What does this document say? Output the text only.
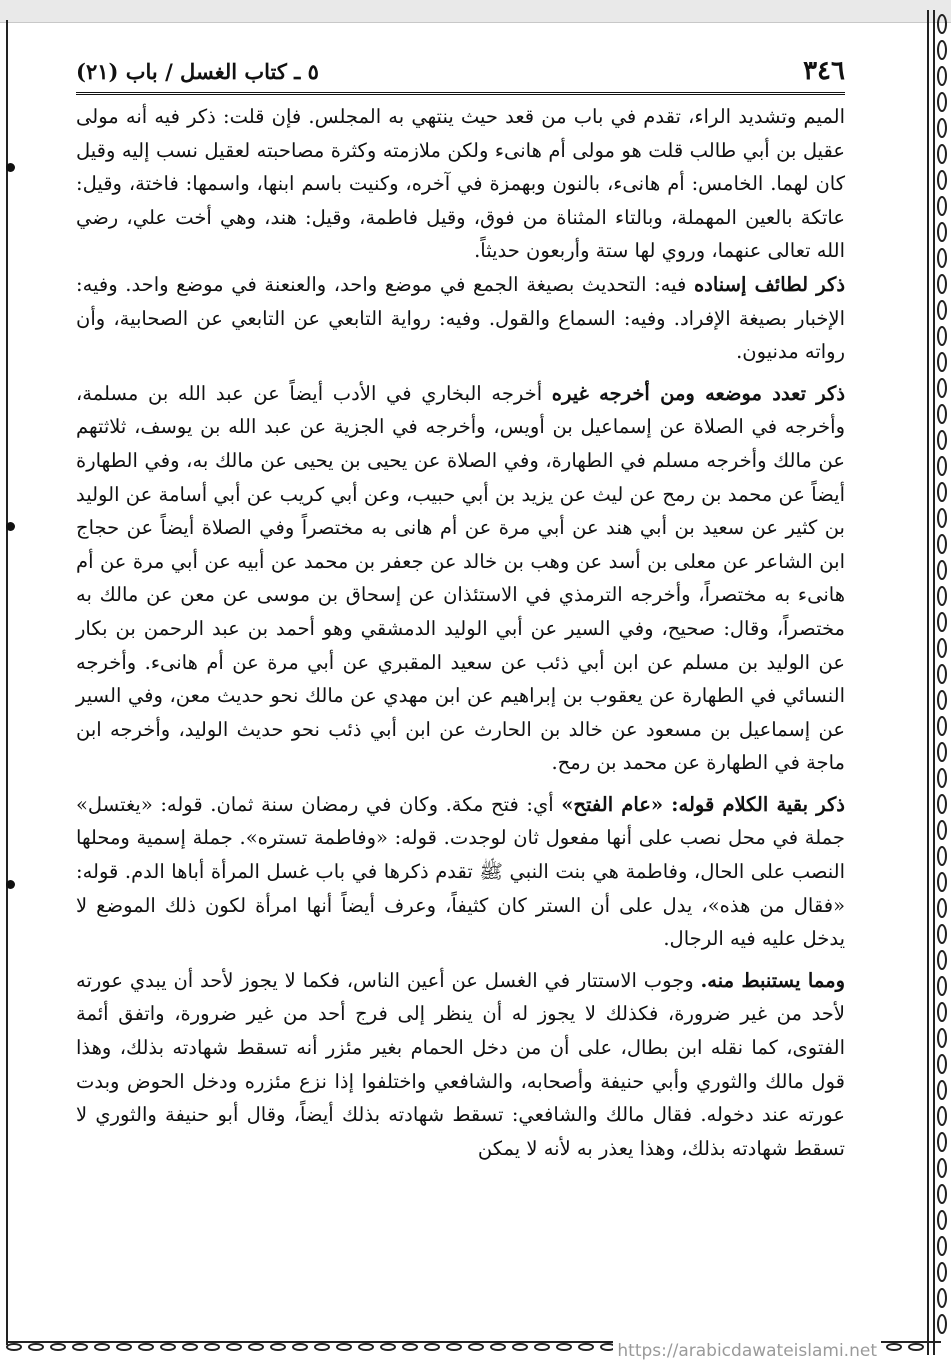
٣٤٦
٥ ـ كتاب الغسل / باب (٢١)

الميم وتشديد الراء، تقدم في باب من قعد حيث ينتهي به المجلس. فإن قلت: ذكر فيه أنه مولى عقيل بن أبي طالب قلت هو مولى أم هانىء ولكن ملازمته وكثرة مصاحبته لعقيل نسب إليه وقيل كان لهما. الخامس: أم هانىء، بالنون وبهمزة في آخره، وكنيت باسم ابنها، واسمها: فاختة، وقيل: عاتكة بالعين المهملة، وبالتاء المثناة من فوق، وقيل فاطمة، وقيل: هند، وهي أخت علي، رضي الله تعالى عنهما، وروي لها ستة وأربعون حديثاً.

ذكر لطائف إسناده فيه: التحديث بصيغة الجمع في موضع واحد، والعنعنة في موضع واحد. وفيه: الإخبار بصيغة الإفراد. وفيه: السماع والقول. وفيه: رواية التابعي عن التابعي عن الصحابية، وأن رواته مدنيون.

ذكر تعدد موضعه ومن أخرجه غيره أخرجه البخاري في الأدب أيضاً عن عبد الله بن مسلمة، وأخرجه في الصلاة عن إسماعيل بن أويس، وأخرجه في الجزية عن عبد الله بن يوسف، ثلاثتهم عن مالك وأخرجه مسلم في الطهارة، وفي الصلاة عن يحيى بن يحيى عن مالك به، وفي الطهارة أيضاً عن محمد بن رمح عن ليث عن يزيد بن أبي حبيب، وعن أبي كريب عن أبي أسامة عن الوليد بن كثير عن سعيد بن أبي هند عن أبي مرة عن أم هانى به مختصراً وفي الصلاة أيضاً عن حجاج ابن الشاعر عن معلى بن أسد عن وهب بن خالد عن جعفر بن محمد عن أبيه عن أبي مرة عن أم هانىء به مختصراً، وأخرجه الترمذي في الاستئذان عن إسحاق بن موسى عن معن عن مالك به مختصراً، وقال: صحيح، وفي السير عن أبي الوليد الدمشقي وهو أحمد بن عبد الرحمن بن بكار عن الوليد بن مسلم عن ابن أبي ذئب عن سعيد المقبري عن أبي مرة عن أم هانىء. وأخرجه النسائي في الطهارة عن يعقوب بن إبراهيم عن ابن مهدي عن مالك نحو حديث معن، وفي السير عن إسماعيل بن مسعود عن خالد بن الحارث عن ابن أبي ذئب نحو حديث الوليد، وأخرجه ابن ماجة في الطهارة عن محمد بن رمح.

ذكر بقية الكلام قوله: «عام الفتح» أي: فتح مكة. وكان في رمضان سنة ثمان. قوله: «يغتسل» جملة في محل نصب على أنها مفعول ثان لوجدت. قوله: «وفاطمة تستره». جملة إسمية ومحلها النصب على الحال، وفاطمة هي بنت النبي ﷺ تقدم ذكرها في باب غسل المرأة أباها الدم. قوله: «فقال من هذه»، يدل على أن الستر كان كثيفاً، وعرف أيضاً أنها امرأة لكون ذلك الموضع لا يدخل عليه فيه الرجال.

ومما يستنبط منه. وجوب الاستتار في الغسل عن أعين الناس، فكما لا يجوز لأحد أن يبدي عورته لأحد من غير ضرورة، فكذلك لا يجوز له أن ينظر إلى فرج أحد من غير ضرورة، واتفق أئمة الفتوى، كما نقله ابن بطال، على أن من دخل الحمام بغير مئزر أنه تسقط شهادته بذلك، وهذا قول مالك والثوري وأبي حنيفة وأصحابه، والشافعي واختلفوا إذا نزع مئزره ودخل الحوض وبدت عورته عند دخوله. فقال مالك والشافعي: تسقط شهادته بذلك أيضاً، وقال أبو حنيفة والثوري لا تسقط شهادته بذلك، وهذا يعذر به لأنه لا يمكن

https://arabicdawateislami.net
